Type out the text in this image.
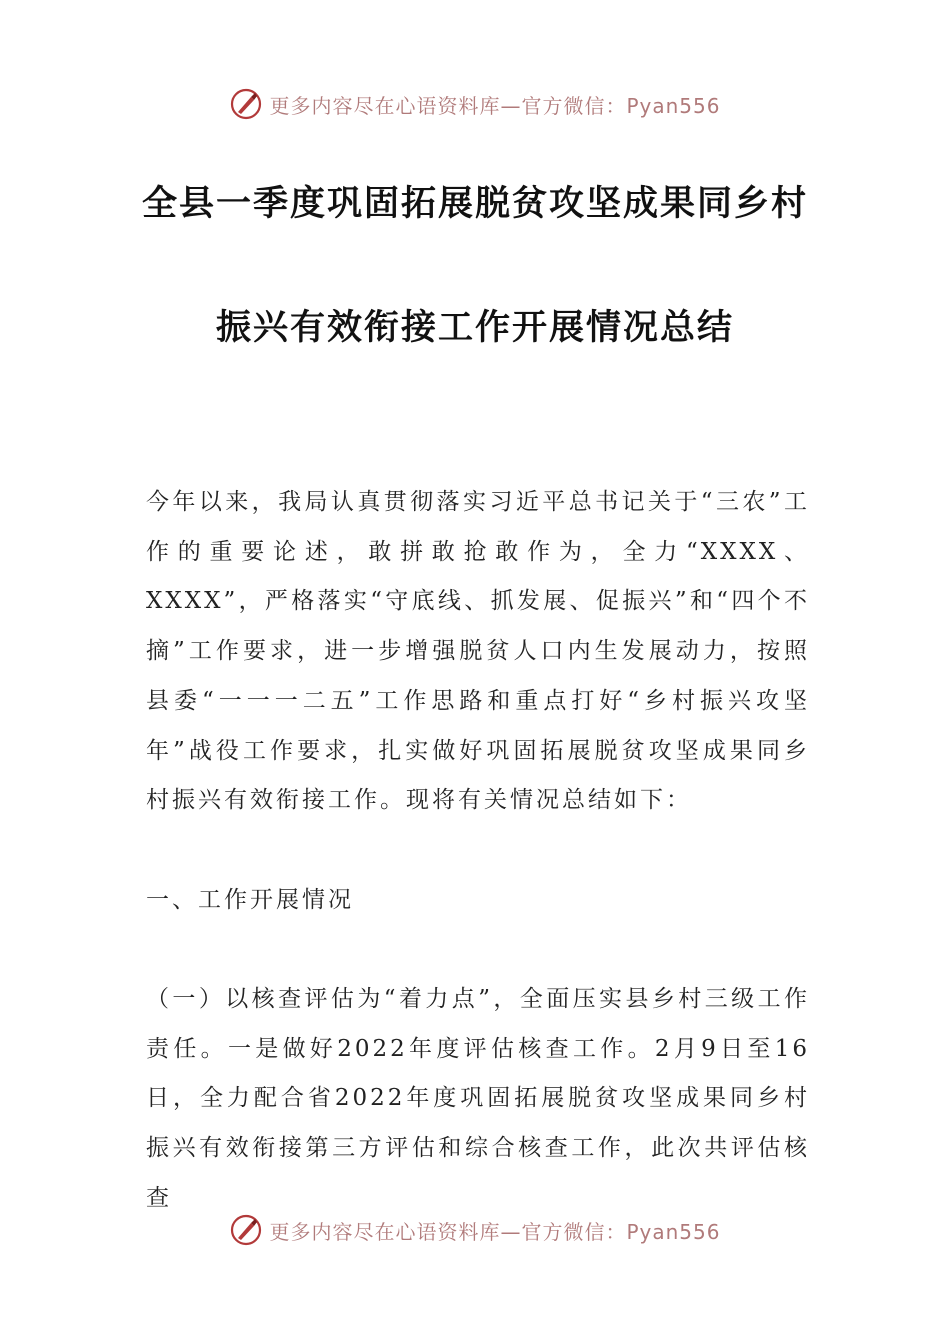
更多内容尽在心语资料库—官方微信：Pyan556
全县一季度巩固拓展脱贫攻坚成果同乡村
振兴有效衔接工作开展情况总结
今年以来，我局认真贯彻落实习近平总书记关于“三农”工作的重要论述，敢拼敢抢敢作为，全力“XXXX、XXXX”，严格落实“守底线、抓发展、促振兴”和“四个不摘”工作要求，进一步增强脱贫人口内生发展动力，按照县委“一一一二五”工作思路和重点打好“乡村振兴攻坚年”战役工作要求，扎实做好巩固拓展脱贫攻坚成果同乡村振兴有效衔接工作。现将有关情况总结如下：
一、工作开展情况
（一）以核查评估为“着力点”，全面压实县乡村三级工作责任。一是做好2022年度评估核查工作。2月9日至16日，全力配合省2022年度巩固拓展脱贫攻坚成果同乡村振兴有效衔接第三方评估和综合核查工作，此次共评估核查
更多内容尽在心语资料库—官方微信：Pyan556
